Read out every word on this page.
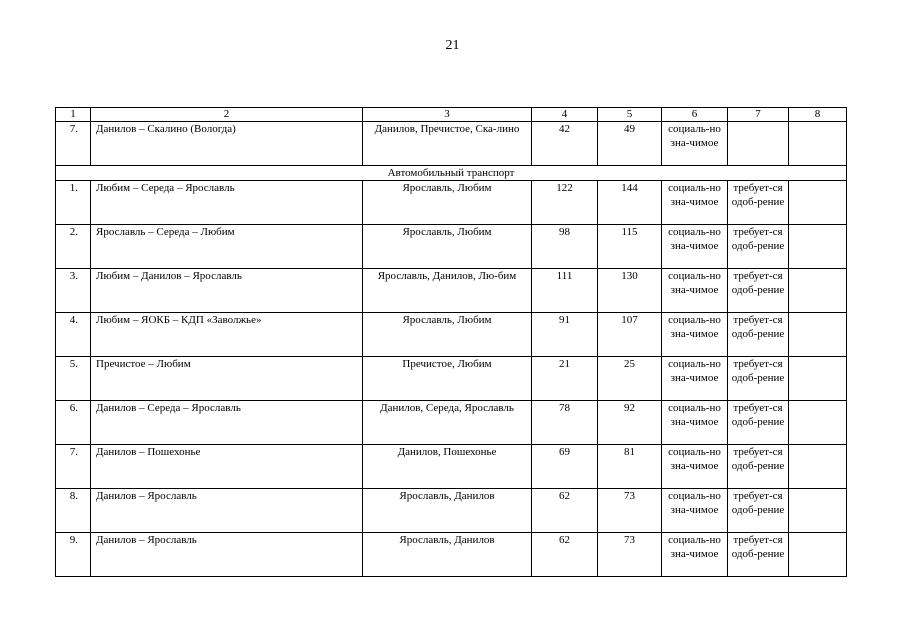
21
1	2	3	4	5	6	7	8
7.	Данилов – Скалино (Вологда)	Данилов, Пречистое, Ска-лино	42	49	социаль-но зна-чимое		
Автомобильный транспорт							
1.	Любим – Середа – Ярославль	Ярославль, Любим	122	144	социаль-но зна-чимое	требует-ся одоб-рение	
2.	Ярославль – Середа – Любим	Ярославль, Любим	98	115	социаль-но зна-чимое	требует-ся одоб-рение	
3.	Любим – Данилов – Ярославль	Ярославль, Данилов, Лю-бим	111	130	социаль-но зна-чимое	требует-ся одоб-рение	
4.	Любим – ЯОКБ – КДП «Заволжье»	Ярославль, Любим	91	107	социаль-но зна-чимое	требует-ся одоб-рение	
5.	Пречистое – Любим	Пречистое, Любим	21	25	социаль-но зна-чимое	требует-ся одоб-рение	
6.	Данилов – Середа – Ярославль	Данилов, Середа, Ярославль	78	92	социаль-но зна-чимое	требует-ся одоб-рение	
7.	Данилов – Пошехонье	Данилов, Пошехонье	69	81	социаль-но зна-чимое	требует-ся одоб-рение	
8.	Данилов – Ярославль	Ярославль, Данилов	62	73	социаль-но зна-чимое	требует-ся одоб-рение	
9.	Данилов – Ярославль	Ярославль, Данилов	62	73	социаль-но зна-чимое	требует-ся одоб-рение	
